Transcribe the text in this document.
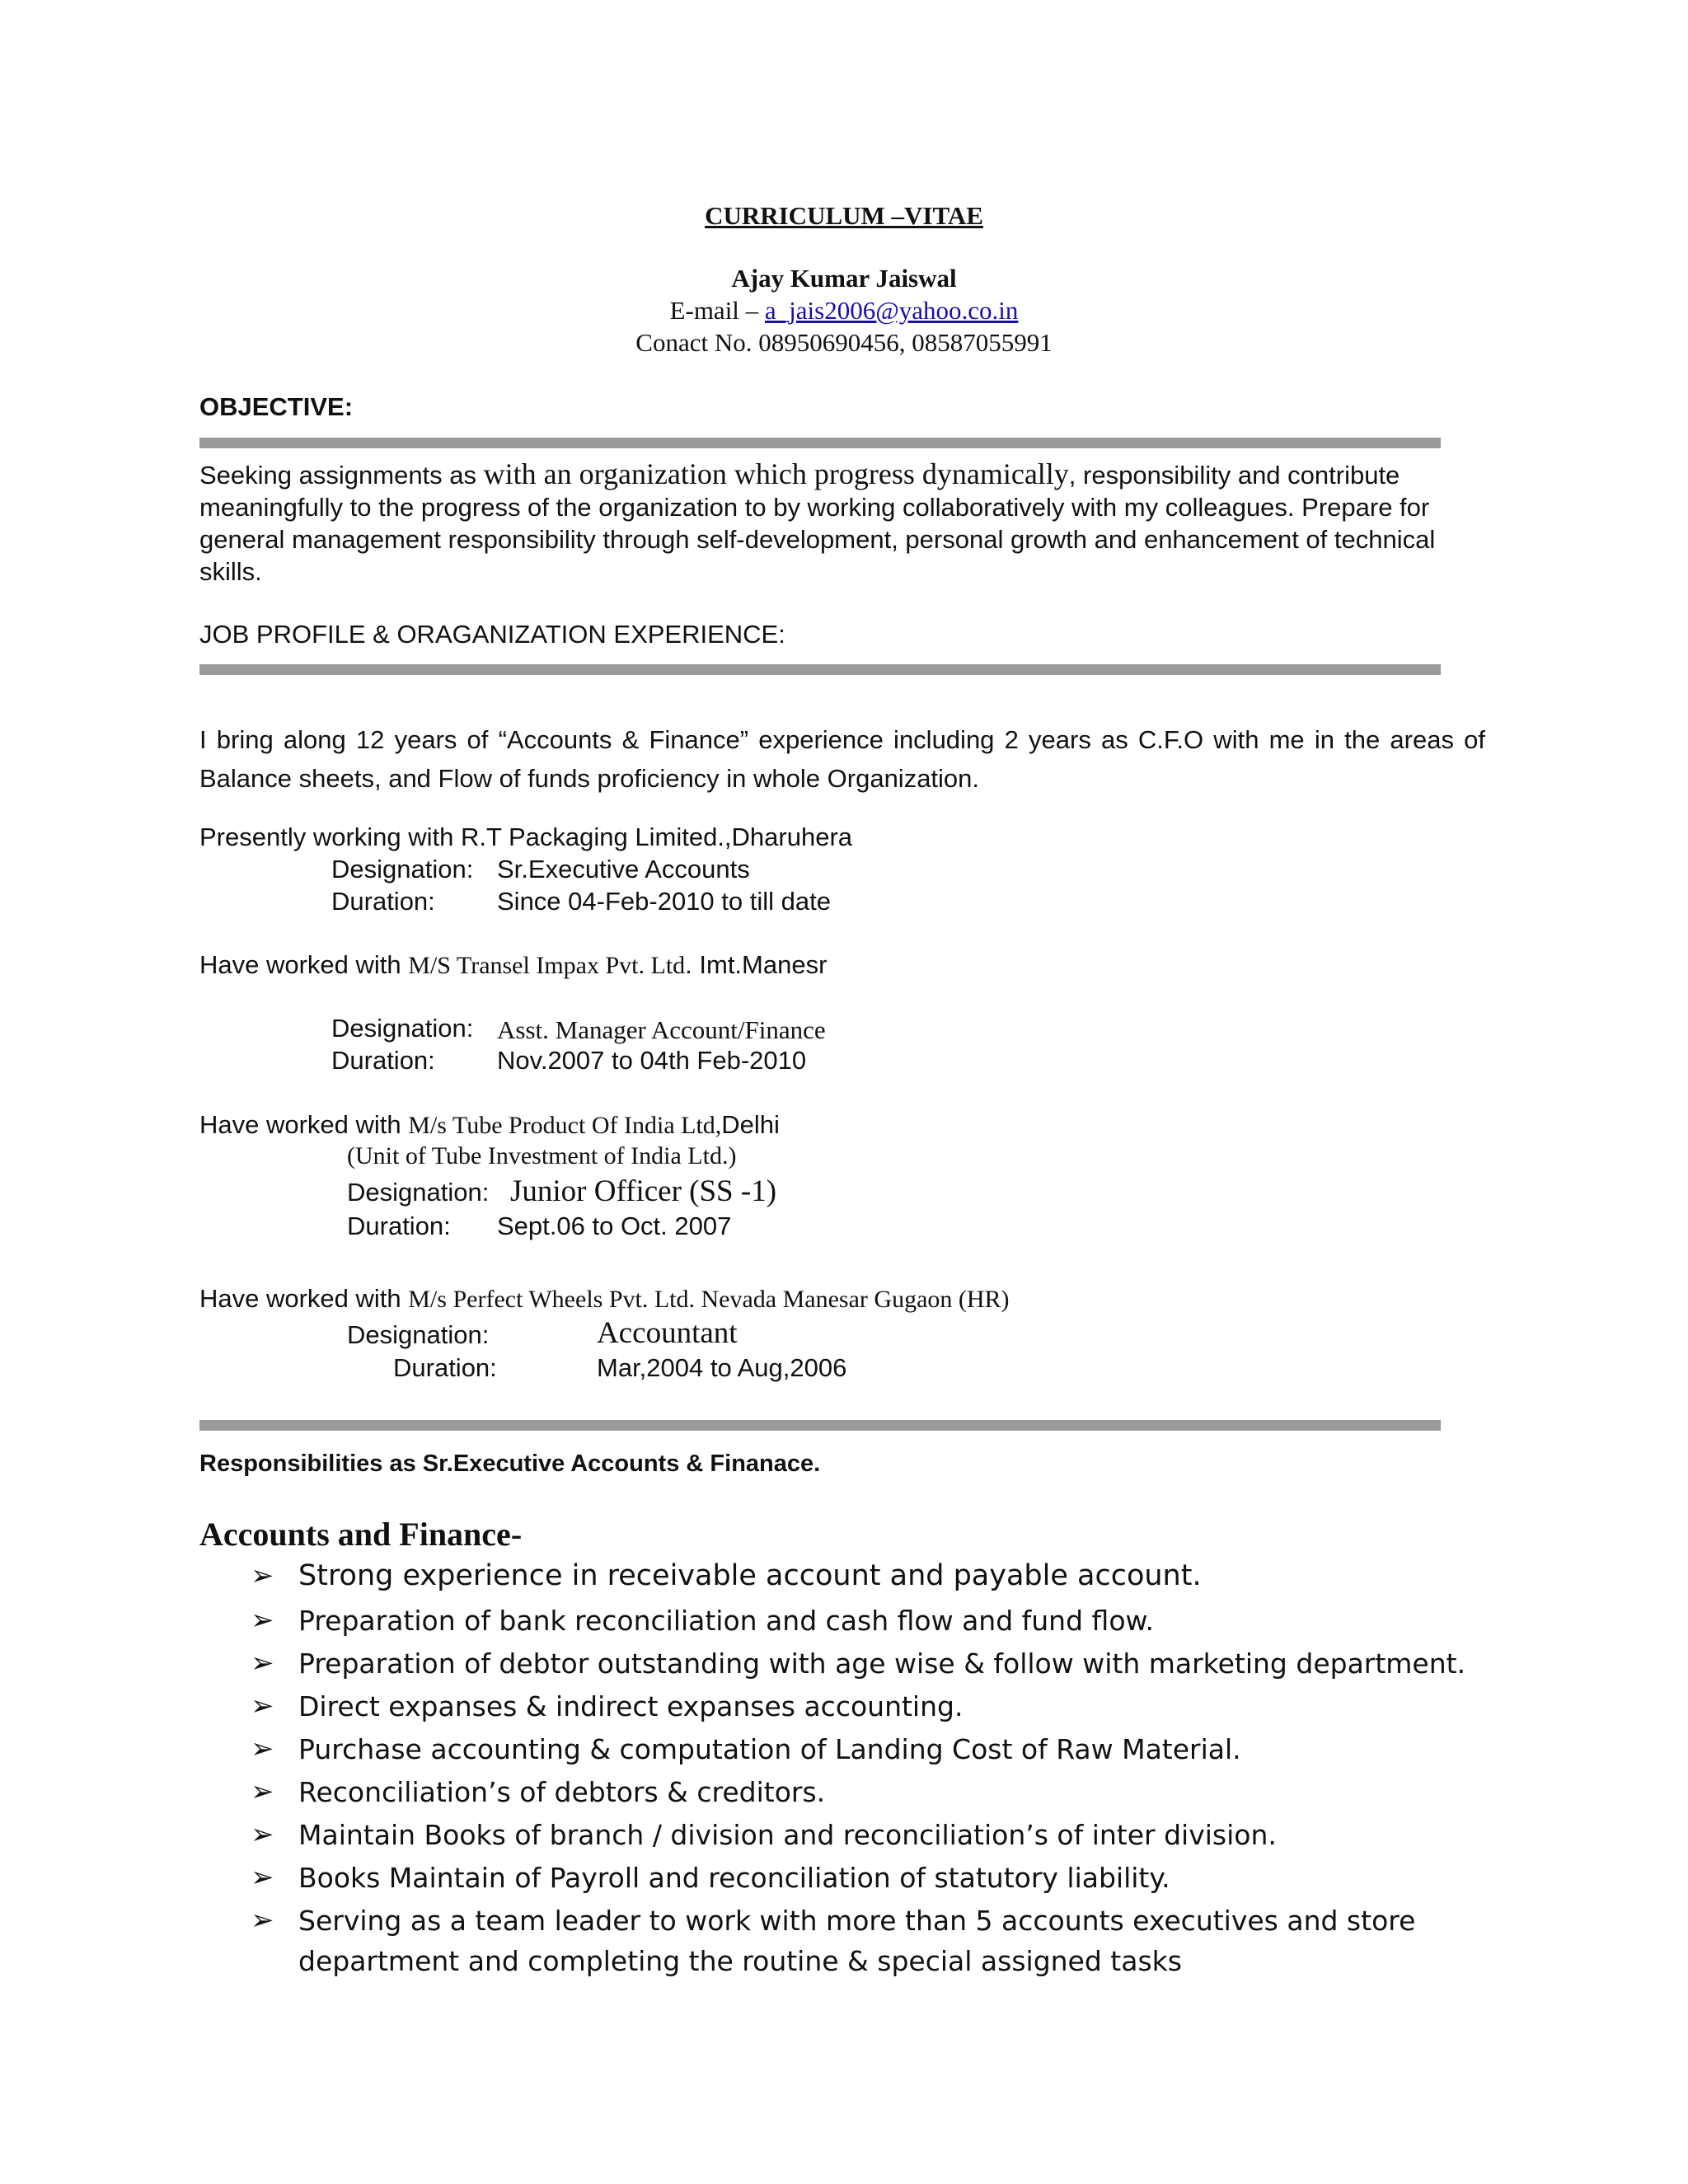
CURRICULUM –VITAE
Ajay Kumar Jaiswal
E-mail – a_jais2006@yahoo.co.in
Conact No. 08950690456, 08587055991
OBJECTIVE:
Seeking assignments as with an organization which progress dynamically, responsibility and contribute meaningfully to the progress of the organization to by working collaboratively with my colleagues. Prepare for general management responsibility through self-development, personal growth and enhancement of technical skills.
JOB PROFILE & ORAGANIZATION EXPERIENCE:
I bring along 12 years of “Accounts & Finance” experience including 2 years as C.F.O with me in the areas of Balance sheets, and Flow of funds proficiency in whole Organization.
Presently working with R.T Packaging Limited.,Dharuhera
Designation: Sr.Executive Accounts
Duration: Since 04-Feb-2010 to till date
Have worked with M/S Transel Impax Pvt. Ltd. Imt.Manesr
Designation: Asst. Manager Account/Finance
Duration: Nov.2007 to 04th Feb-2010
Have worked with M/s Tube Product Of India Ltd,Delhi
(Unit of Tube Investment of India Ltd.)
Designation: Junior Officer (SS -1)
Duration: Sept.06 to Oct. 2007
Have worked with M/s Perfect Wheels Pvt. Ltd. Nevada Manesar Gugaon (HR)
Designation:	Accountant
Duration:	Mar,2004 to Aug,2006
Responsibilities as Sr.Executive Accounts & Finanace.
Accounts and Finance-
➢ Strong experience in receivable account and payable account.
➢ Preparation of bank reconciliation and cash flow and fund flow.
➢ Preparation of debtor outstanding with age wise & follow with marketing department.
➢ Direct expanses & indirect expanses accounting.
➢ Purchase accounting & computation of Landing Cost of Raw Material.
➢ Reconciliation’s of debtors & creditors.
➢ Maintain Books of branch / division and reconciliation’s of inter division.
➢ Books Maintain of Payroll and reconciliation of statutory liability.
➢ Serving as a team leader to work with more than 5 accounts executives and store department and completing the routine & special assigned tasks
